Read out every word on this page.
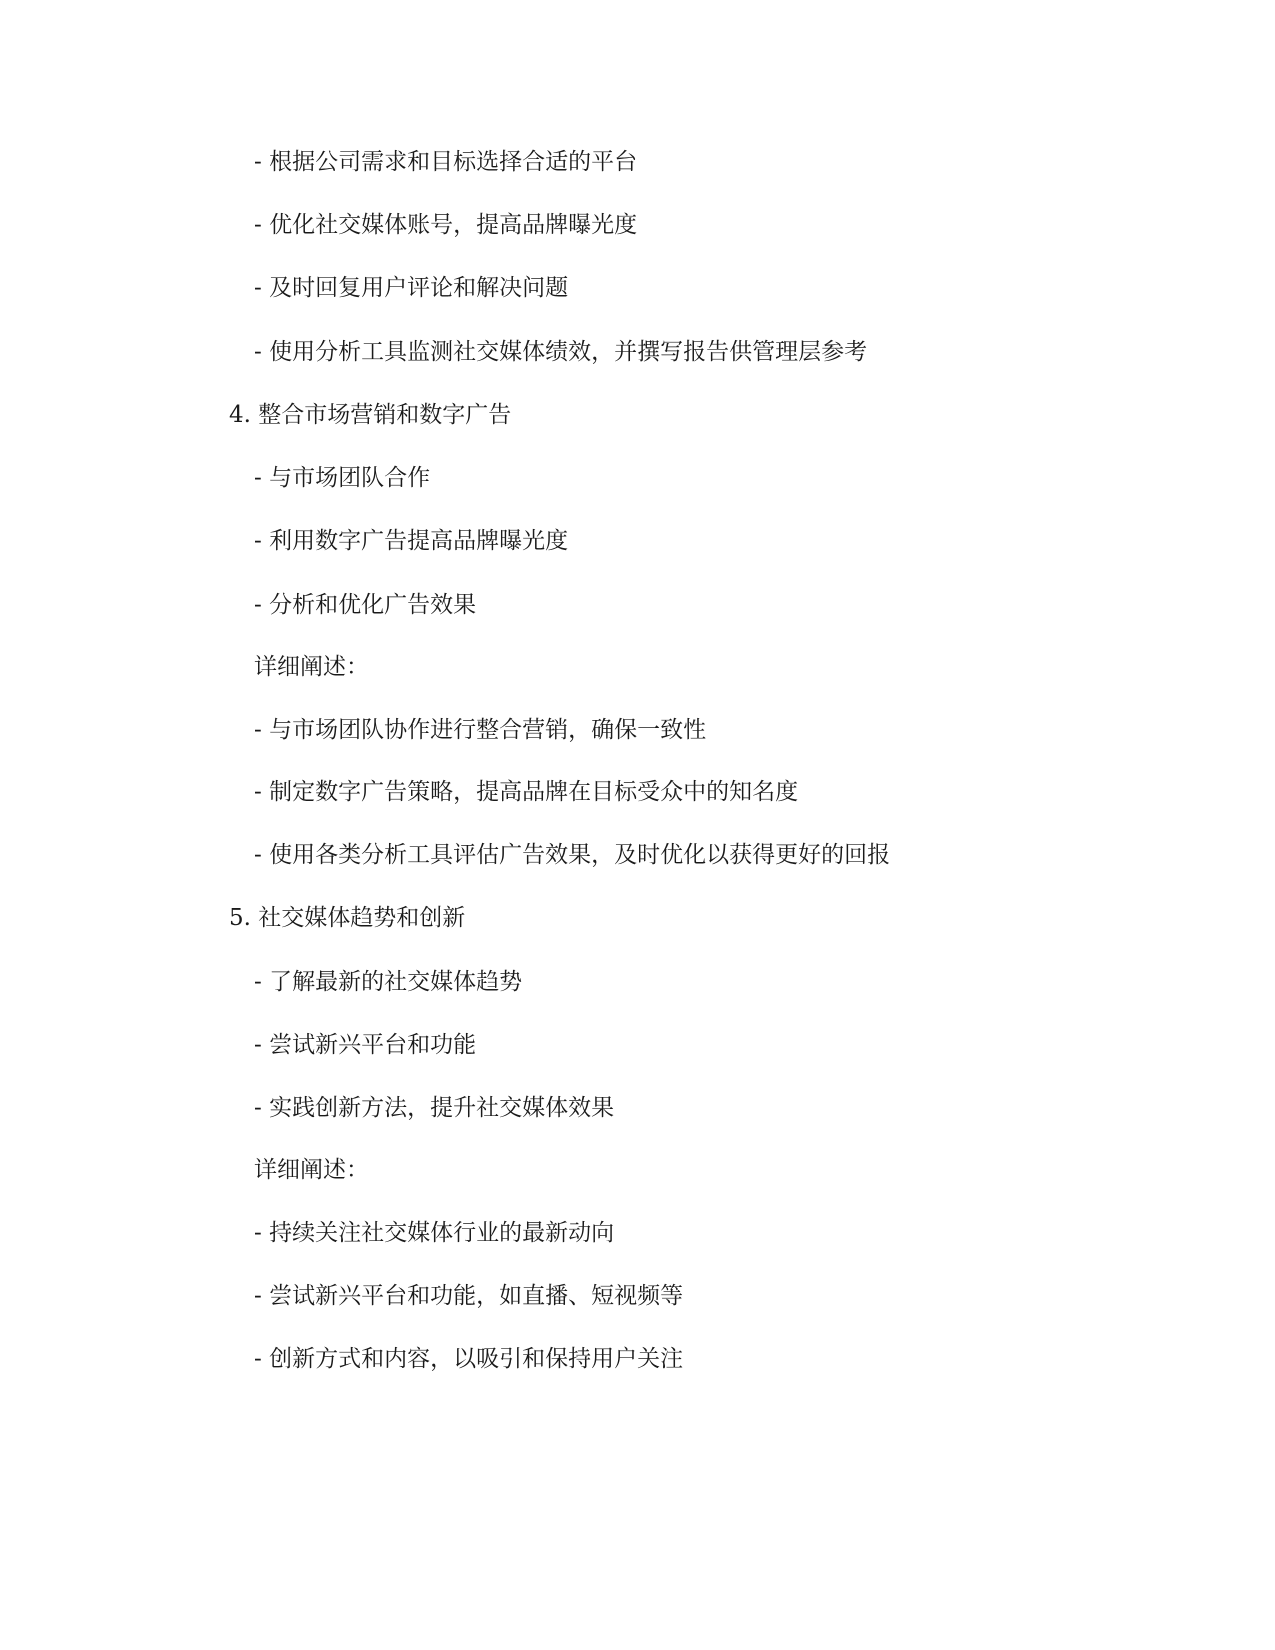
- 根据公司需求和目标选择合适的平台
- 优化社交媒体账号，提高品牌曝光度
- 及时回复用户评论和解决问题
- 使用分析工具监测社交媒体绩效，并撰写报告供管理层参考
4. 整合市场营销和数字广告
- 与市场团队合作
- 利用数字广告提高品牌曝光度
- 分析和优化广告效果
详细阐述：
- 与市场团队协作进行整合营销，确保一致性
- 制定数字广告策略，提高品牌在目标受众中的知名度
- 使用各类分析工具评估广告效果，及时优化以获得更好的回报
5. 社交媒体趋势和创新
- 了解最新的社交媒体趋势
- 尝试新兴平台和功能
- 实践创新方法，提升社交媒体效果
详细阐述：
- 持续关注社交媒体行业的最新动向
- 尝试新兴平台和功能，如直播、短视频等
- 创新方式和内容，以吸引和保持用户关注
